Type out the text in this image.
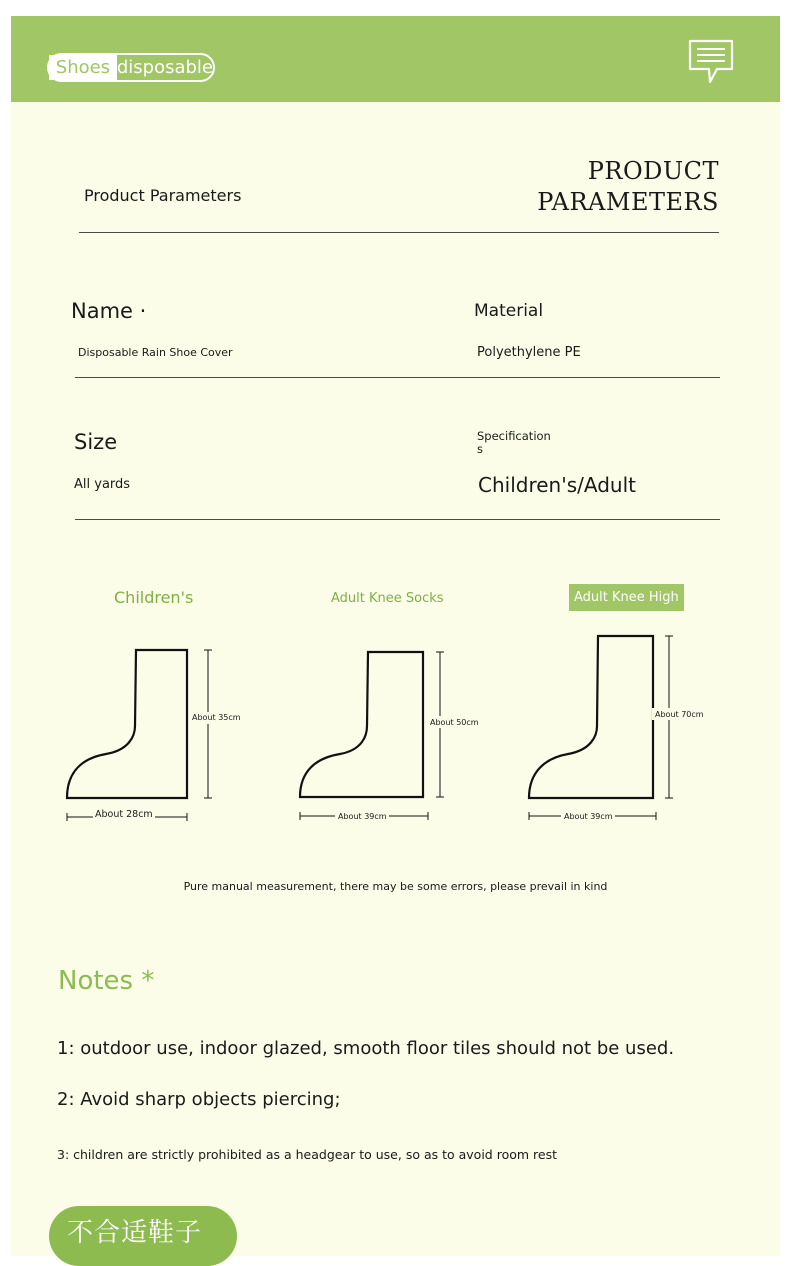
Shoes disposable
Product Parameters
PRODUCT
PARAMETERS
Name ·
Disposable Rain Shoe Cover
Material
Polyethylene PE
Size
All yards
Specifications
Children's/Adult
Children's
About 35cm
About 28cm
Adult Knee Socks
About 50cm
About 39cm
Adult Knee High
About 70cm
About 39cm
Pure manual measurement, there may be some errors, please prevail in kind
Notes *
1: outdoor use, indoor glazed, smooth floor tiles should not be used.
2: Avoid sharp objects piercing;
3: children are strictly prohibited as a headgear to use, so as to avoid room rest
不合适鞋子
